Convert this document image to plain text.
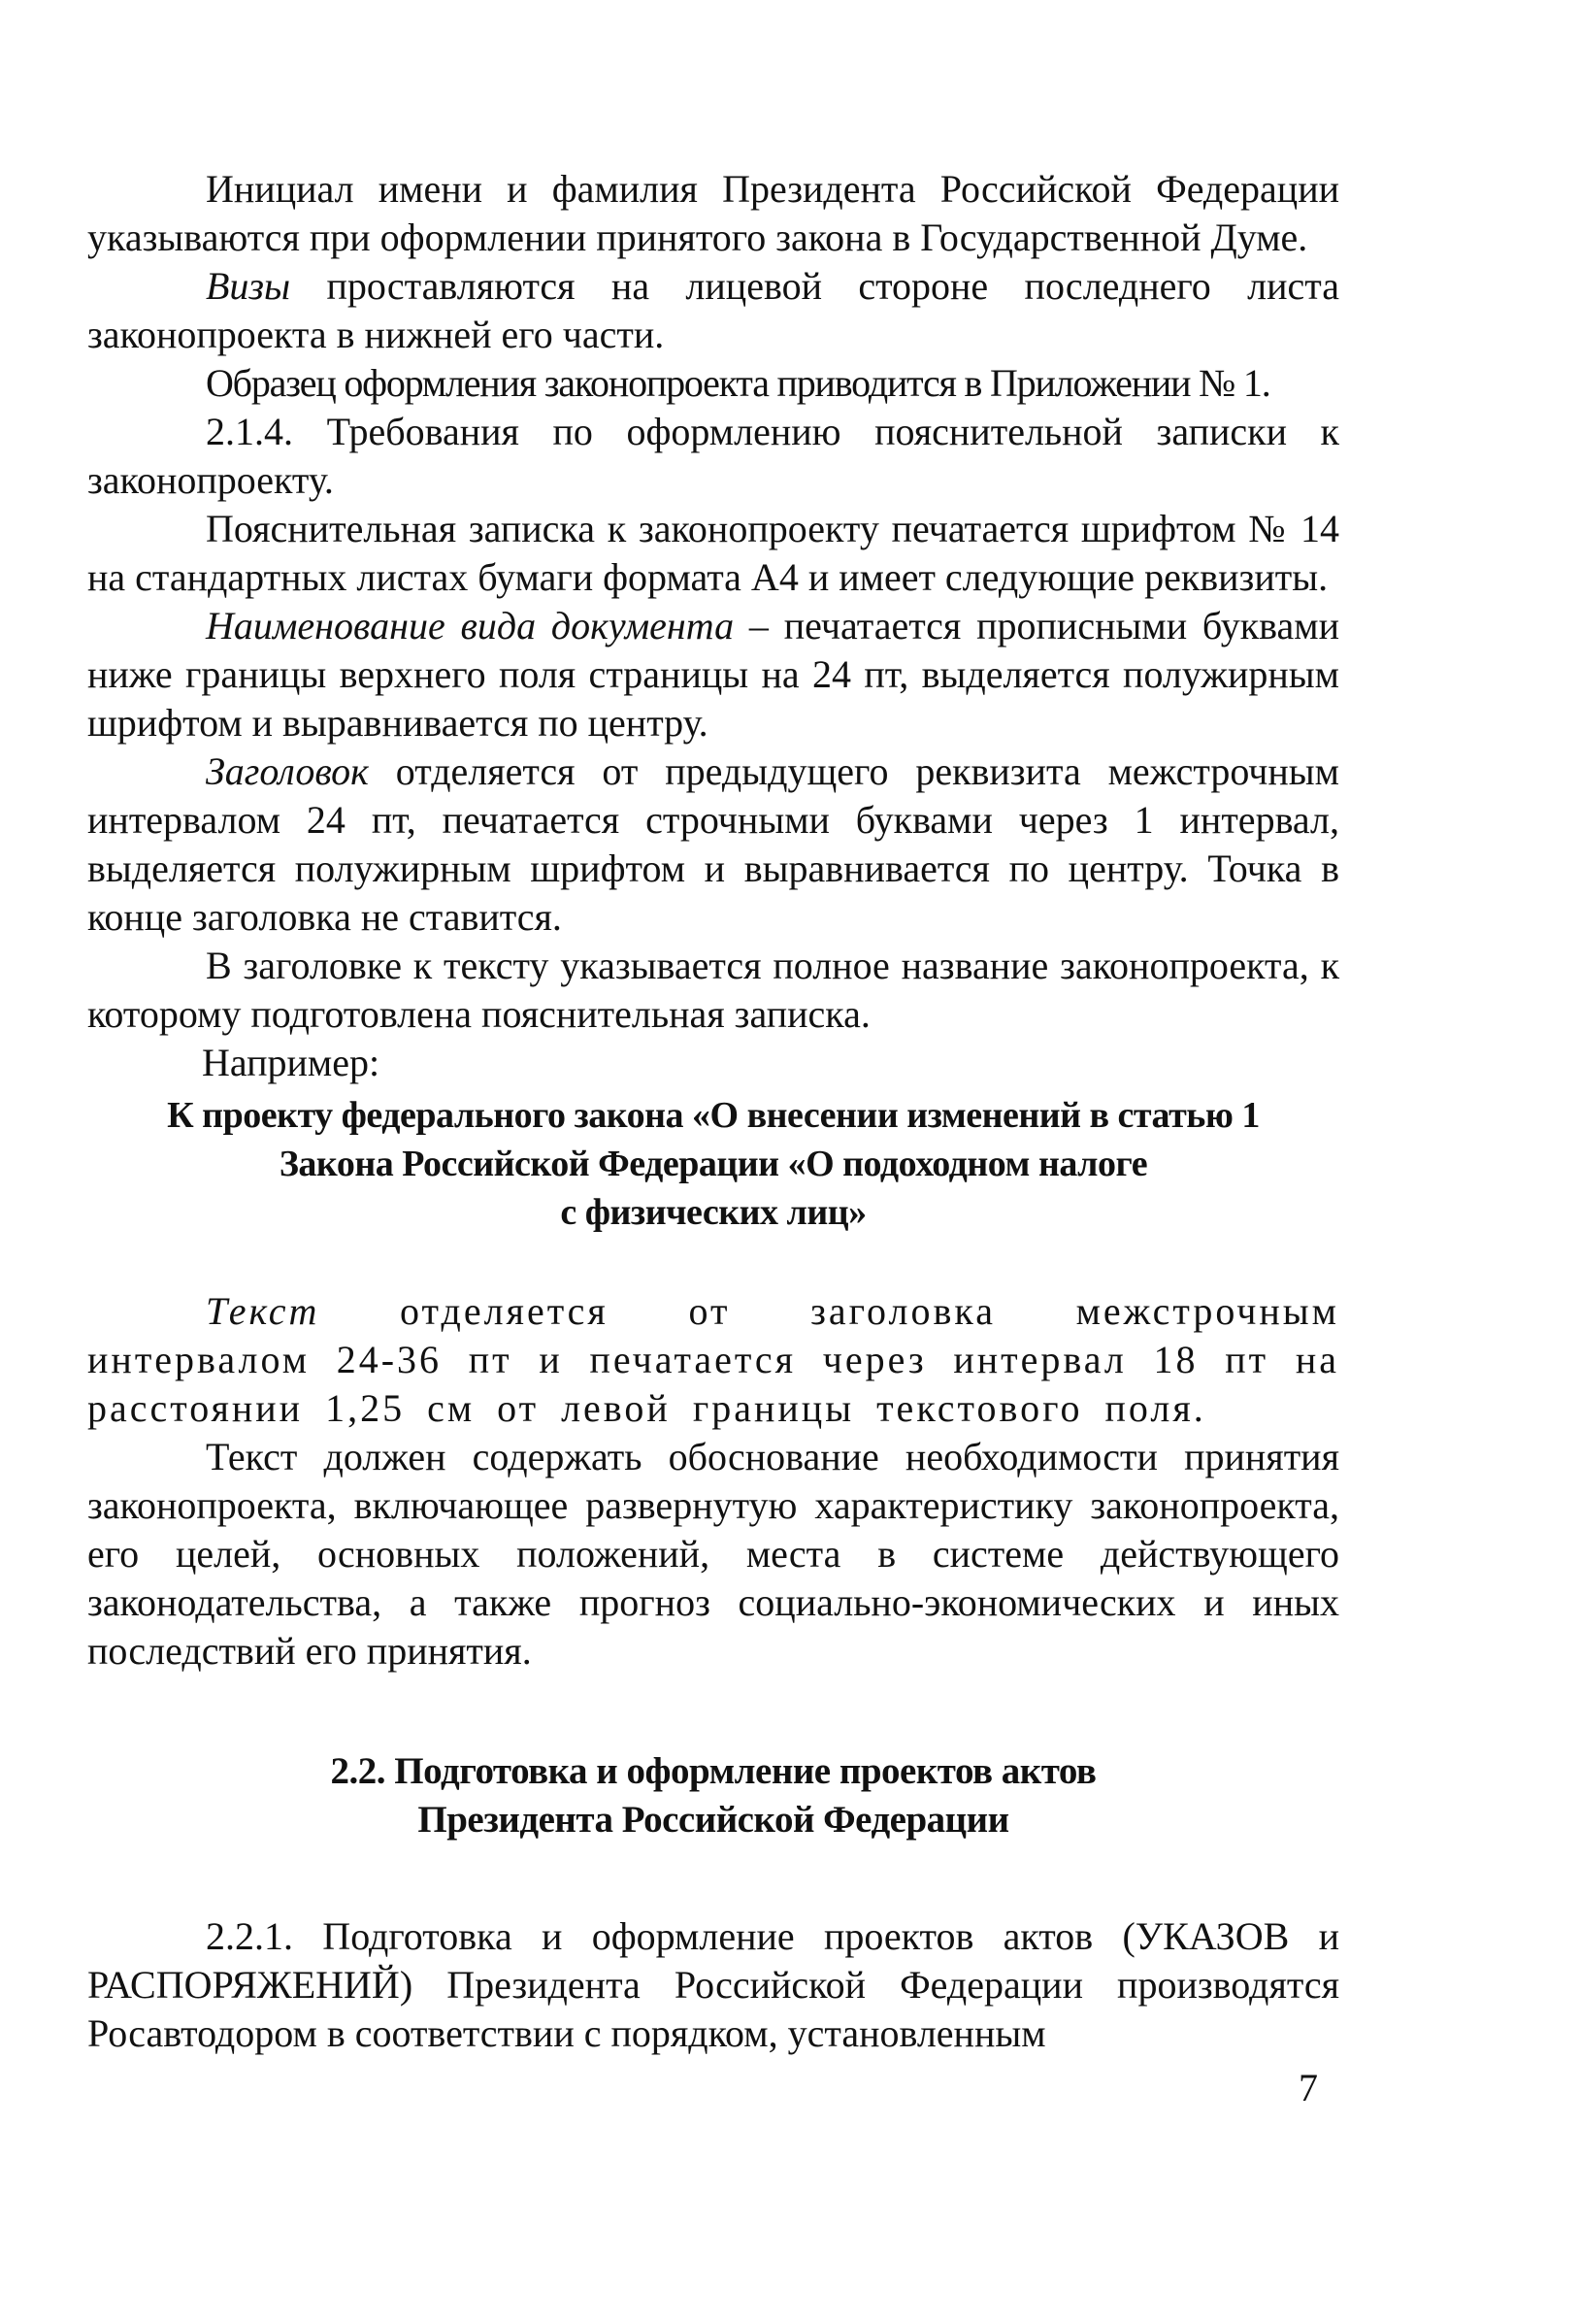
Инициал имени и фамилия Президента Российской Федерации указываются при оформлении принятого закона в Государственной Думе.

Визы проставляются на лицевой стороне последнего листа законопроекта в нижней его части.

Образец оформления законопроекта приводится в Приложении № 1.

2.1.4. Требования по оформлению пояснительной записки к законопроекту.

Пояснительная записка к законопроекту печатается шрифтом № 14 на стандартных листах бумаги формата А4 и имеет следующие реквизиты.

Наименование вида документа – печатается прописными буквами ниже границы верхнего поля страницы на 24 пт, выделяется полужирным шрифтом и выравнивается по центру.

Заголовок отделяется от предыдущего реквизита межстрочным интервалом 24 пт, печатается строчными буквами через 1 интервал, выделяется полужирным шрифтом и выравнивается по центру. Точка в конце заголовка не ставится.

В заголовке к тексту указывается полное название законопроекта, к которому подготовлена пояснительная записка.

Например:

К проекту федерального закона «О внесении изменений в статью 1
Закона Российской Федерации «О подоходном налоге
с физических лиц»

Текст отделяется от заголовка межстрочным интервалом 24-36 пт и печатается через интервал 18 пт на расстоянии 1,25 см от левой границы текстового поля.

Текст должен содержать обоснование необходимости принятия законопроекта, включающее развернутую характеристику законопроекта, его целей, основных положений, места в системе действующего законодательства, а также прогноз социально-экономических и иных последствий его принятия.

2.2. Подготовка и оформление проектов актов
Президента Российской Федерации

2.2.1. Подготовка и оформление проектов актов (УКАЗОВ и РАСПОРЯЖЕНИЙ) Президента Российской Федерации производятся Росавтодором в соответствии с порядком, установленным

7
